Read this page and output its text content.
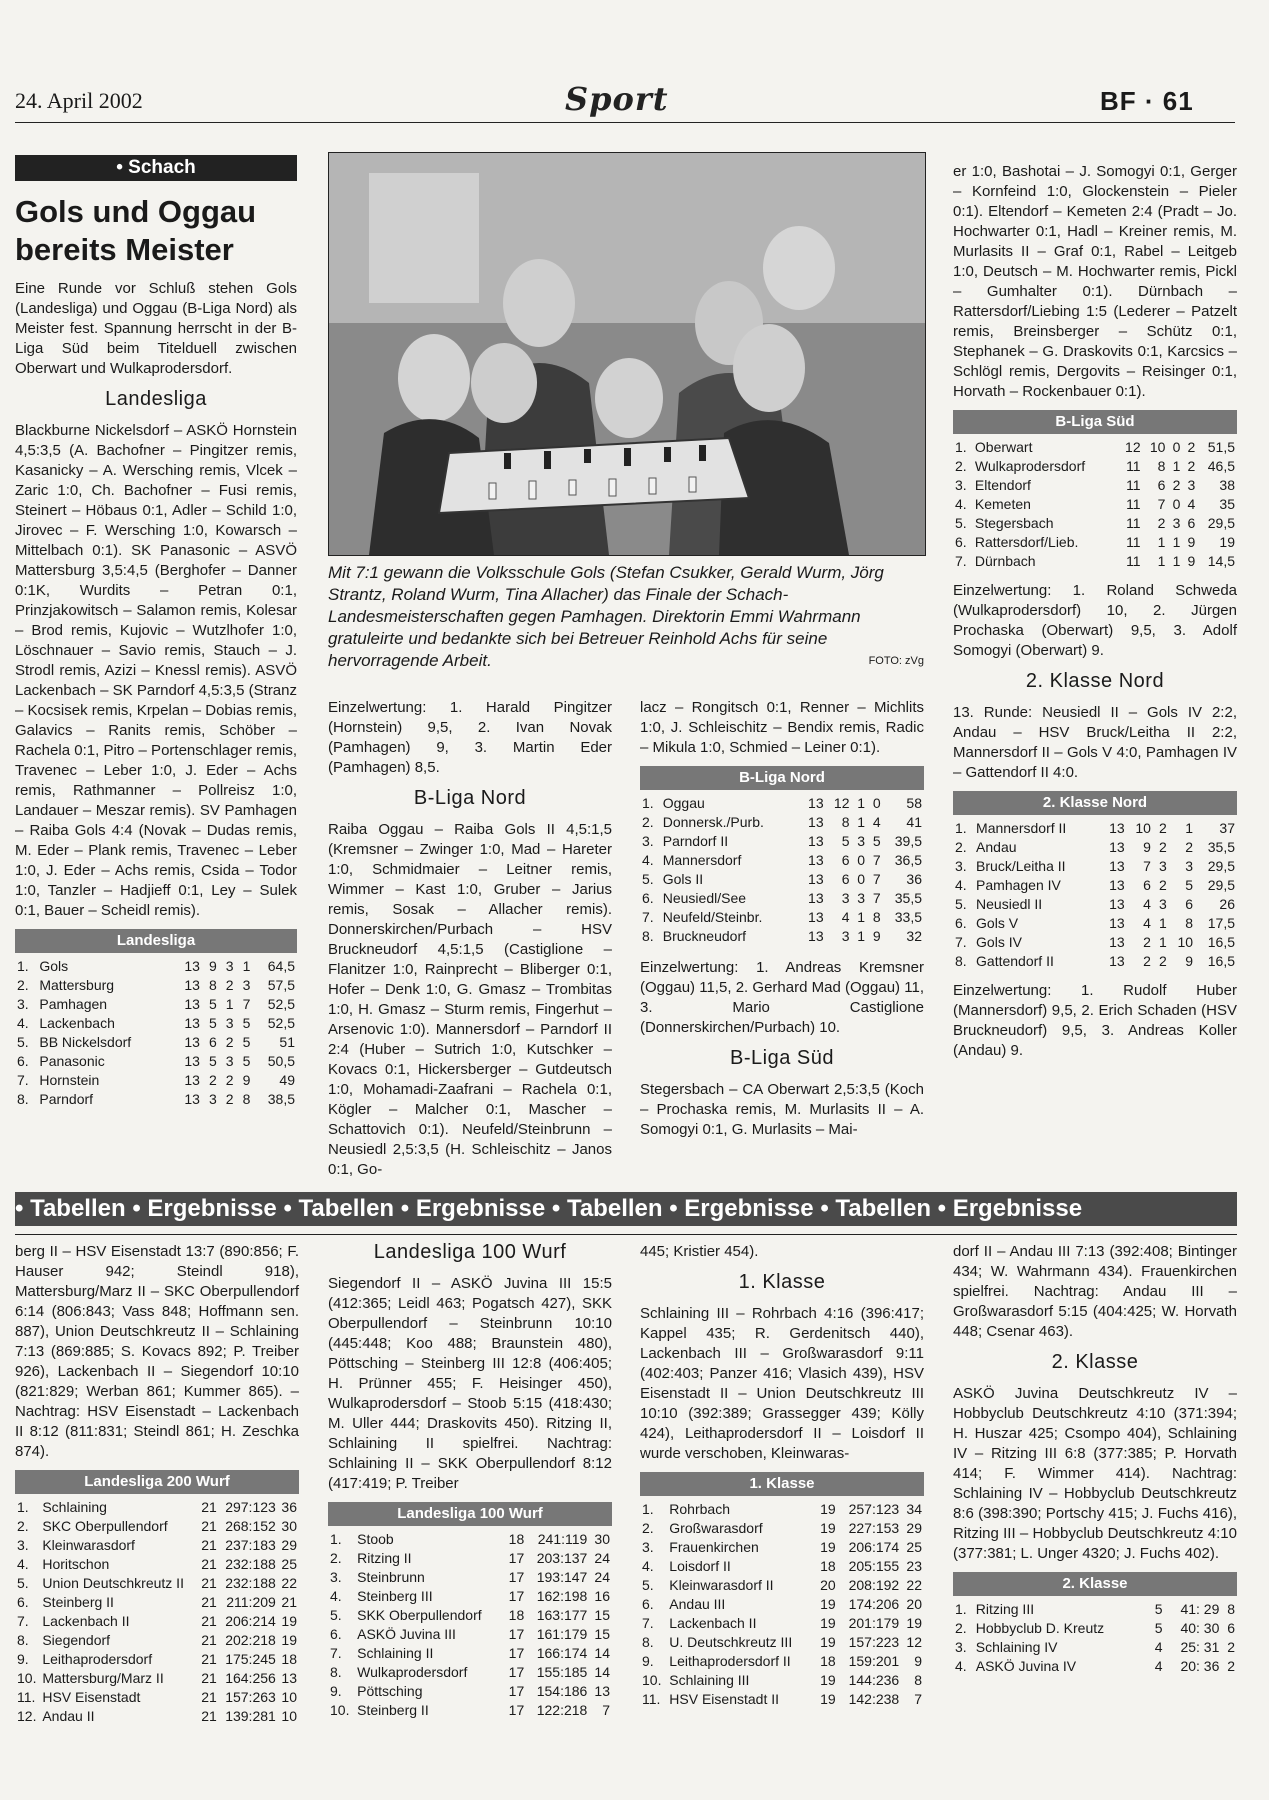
24. April 2002	Sport	BF · 61
• Schach
Gols und Oggau bereits Meister

Eine Runde vor Schluß stehen Gols (Landesliga) und Oggau (B-Liga Nord) als Meister fest. Spannung herrscht in der B-Liga Süd beim Titelduell zwischen Oberwart und Wulkaprodersdorf.

Landesliga

Blackburne Nickelsdorf – ASKÖ Hornstein 4,5:3,5 (A. Bachofner – Pingitzer remis, Kasanicky – A. Wersching remis, Vlcek – Zaric 1:0, Ch. Bachofner – Fusi remis, Steinert – Höbaus 0:1, Adler – Schild 1:0, Jirovec – F. Wersching 1:0, Kowarsch – Mittelbach 0:1). SK Panasonic – ASVÖ Mattersburg 3,5:4,5 (Berghofer – Danner 0:1K, Wurdits – Petran 0:1, Prinzjakowitsch – Salamon remis, Kolesar – Brod remis, Kujovic – Wutzlhofer 1:0, Löschnauer – Savio remis, Stauch – J. Strodl remis, Azizi – Knessl remis). ASVÖ Lackenbach – SK Parndorf 4,5:3,5 (Stranz – Kocsisek remis, Krpelan – Dobias remis, Galavics – Ranits remis, Schöber – Rachela 0:1, Pitro – Portenschlager remis, Travenec – Leber 1:0, J. Eder – Achs remis, Rathmanner – Pollreisz 1:0, Landauer – Meszar remis). SV Pamhagen – Raiba Gols 4:4 (Novak – Dudas remis, M. Eder – Plank remis, Travenec – Leber 1:0, J. Eder – Achs remis, Csida – Todor 1:0, Tanzler – Hadjieff 0:1, Ley – Sulek 0:1, Bauer – Scheidl remis).

Landesliga
1.	Gols	13	9	3	1	64,5
2.	Mattersburg	13	8	2	3	57,5
3.	Pamhagen	13	5	1	7	52,5
4.	Lackenbach	13	5	3	5	52,5
5.	BB Nickelsdorf	13	6	2	5	51
6.	Panasonic	13	5	3	5	50,5
7.	Hornstein	13	2	2	9	49
8.	Parndorf	13	3	2	8	38,5
Mit 7:1 gewann die Volksschule Gols (Stefan Csukker, Gerald Wurm, Jörg Strantz, Roland Wurm, Tina Allacher) das Finale der Schach-Landesmeisterschaften gegen Pamhagen. Direktorin Emmi Wahrmann gratuleirte und bedankte sich bei Betreuer Reinhold Achs für seine hervorragende Arbeit.	FOTO: zVg

Einzelwertung: 1. Harald Pingitzer (Hornstein) 9,5, 2. Ivan Novak (Pamhagen) 9, 3. Martin Eder (Pamhagen) 8,5.

B-Liga Nord

Raiba Oggau – Raiba Gols II 4,5:1,5 (Kremsner – Zwinger 1:0, Mad – Hareter 1:0, Schmidmaier – Leitner remis, Wimmer – Kast 1:0, Gruber – Jarius remis, Sosak – Allacher remis). Donnerskirchen/Purbach – HSV Bruckneudorf 4,5:1,5 (Castiglione – Flanitzer 1:0, Rainprecht – Bliberger 0:1, Hofer – Denk 1:0, G. Gmasz – Trombitas 1:0, H. Gmasz – Sturm remis, Fingerhut – Arsenovic 1:0). Mannersdorf – Parndorf II 2:4 (Huber – Sutrich 1:0, Kutschker – Kovacs 0:1, Hickersberger – Gutdeutsch 1:0, Mohamadi-Zaafrani – Rachela 0:1, Kögler – Malcher 0:1, Mascher – Schattovich 0:1). Neufeld/Steinbrunn – Neusiedl 2,5:3,5 (H. Schleischitz – Janos 0:1, Go-

lacz – Rongitsch 0:1, Renner – Michlits 1:0, J. Schleischitz – Bendix remis, Radic – Mikula 1:0, Schmied – Leiner 0:1).

B-Liga Nord
1.	Oggau	13	12	1	0	58
2.	Donnersk./Purb.	13	8	1	4	41
3.	Parndorf II	13	5	3	5	39,5
4.	Mannersdorf	13	6	0	7	36,5
5.	Gols II	13	6	0	7	36
6.	Neusiedl/See	13	3	3	7	35,5
7.	Neufeld/Steinbr.	13	4	1	8	33,5
8.	Bruckneudorf	13	3	1	9	32

Einzelwertung: 1. Andreas Kremsner (Oggau) 11,5, 2. Gerhard Mad (Oggau) 11, 3. Mario Castiglione (Donnerskirchen/Purbach) 10.

B-Liga Süd

Stegersbach – CA Oberwart 2,5:3,5 (Koch – Prochaska remis, M. Murlasits II – A. Somogyi 0:1, G. Murlasits – Mai-

er 1:0, Bashotai – J. Somogyi 0:1, Gerger – Kornfeind 1:0, Glockenstein – Pieler 0:1). Eltendorf – Kemeten 2:4 (Pradt – Jo. Hochwarter 0:1, Hadl – Kreiner remis, M. Murlasits II – Graf 0:1, Rabel – Leitgeb 1:0, Deutsch – M. Hochwarter remis, Pickl – Gumhalter 0:1). Dürnbach – Rattersdorf/Liebing 1:5 (Lederer – Patzelt remis, Breinsberger – Schütz 0:1, Stephanek – G. Draskovits 0:1, Karcsics – Schlögl remis, Dergovits – Reisinger 0:1, Horvath – Rockenbauer 0:1).

B-Liga Süd
1.	Oberwart	12	10	0	2	51,5
2.	Wulkaprodersdorf	11	8	1	2	46,5
3.	Eltendorf	11	6	2	3	38
4.	Kemeten	11	7	0	4	35
5.	Stegersbach	11	2	3	6	29,5
6.	Rattersdorf/Lieb.	11	1	1	9	19
7.	Dürnbach	11	1	1	9	14,5

Einzelwertung: 1. Roland Schweda (Wulkaprodersdorf) 10, 2. Jürgen Prochaska (Oberwart) 9,5, 3. Adolf Somogyi (Oberwart) 9.

2. Klasse Nord

13. Runde: Neusiedl II – Gols IV 2:2, Andau – HSV Bruck/Leitha II 2:2, Mannersdorf II – Gols V 4:0, Pamhagen IV – Gattendorf II 4:0.

2. Klasse Nord
1.	Mannersdorf II	13	10	2	1	37
2.	Andau	13	9	2	2	35,5
3.	Bruck/Leitha II	13	7	3	3	29,5
4.	Pamhagen IV	13	6	2	5	29,5
5.	Neusiedl II	13	4	3	6	26
6.	Gols V	13	4	1	8	17,5
7.	Gols IV	13	2	1	10	16,5
8.	Gattendorf II	13	2	2	9	16,5

Einzelwertung: 1. Rudolf Huber (Mannersdorf) 9,5, 2. Erich Schaden (HSV Bruckneudorf) 9,5, 3. Andreas Koller (Andau) 9.

• Tabellen • Ergebnisse • Tabellen • Ergebnisse • Tabellen • Ergebnisse • Tabellen • Ergebnisse

berg II – HSV Eisenstadt 13:7 (890:856; F. Hauser 942; Steindl 918), Mattersburg/Marz II – SKC Oberpullendorf 6:14 (806:843; Vass 848; Hoffmann sen. 887), Union Deutschkreutz II – Schlaining 7:13 (869:885; S. Kovacs 892; P. Treiber 926), Lackenbach II – Siegendorf 10:10 (821:829; Werban 861; Kummer 865). – Nachtrag: HSV Eisenstadt – Lackenbach II 8:12 (811:831; Steindl 861; H. Zeschka 874).

Landesliga 200 Wurf
1.	Schlaining	21	297:123	36
2.	SKC Oberpullendorf	21	268:152	30
3.	Kleinwarasdorf	21	237:183	29
4.	Horitschon	21	232:188	25
5.	Union Deutschkreutz II	21	232:188	22
6.	Steinberg II	21	211:209	21
7.	Lackenbach II	21	206:214	19
8.	Siegendorf	21	202:218	19
9.	Leithaprodersdorf	21	175:245	18
10.	Mattersburg/Marz II	21	164:256	13
11.	HSV Eisenstadt	21	157:263	10
12.	Andau II	21	139:281	10
Landesliga 100 Wurf

Siegendorf II – ASKÖ Juvina III 15:5 (412:365; Leidl 463; Pogatsch 427), SKK Oberpullendorf – Steinbrunn 10:10 (445:448; Koo 488; Braunstein 480), Pöttsching – Steinberg III 12:8 (406:405; H. Prünner 455; F. Heisinger 450), Wulkaprodersdorf – Stoob 5:15 (418:430; M. Uller 444; Draskovits 450). Ritzing II, Schlaining II spielfrei. Nachtrag: Schlaining II – SKK Oberpullendorf 8:12 (417:419; P. Treiber

Landesliga 100 Wurf
1.	Stoob	18	241:119	30
2.	Ritzing II	17	203:137	24
3.	Steinbrunn	17	193:147	24
4.	Steinberg III	17	162:198	16
5.	SKK Oberpullendorf	18	163:177	15
6.	ASKÖ Juvina III	17	161:179	15
7.	Schlaining II	17	166:174	14
8.	Wulkaprodersdorf	17	155:185	14
9.	Pöttsching	17	154:186	13
10.	Steinberg II	17	122:218	7

445; Kristier 454).

1. Klasse

Schlaining III – Rohrbach 4:16 (396:417; Kappel 435; R. Gerdenitsch 440), Lackenbach III – Großwarasdorf 9:11 (402:403; Panzer 416; Vlasich 439), HSV Eisenstadt II – Union Deutschkreutz III 10:10 (392:389; Grassegger 439; Kölly 424), Leithaprodersdorf II – Loisdorf II wurde verschoben, Kleinwaras-

1. Klasse
1.	Rohrbach	19	257:123	34
2.	Großwarasdorf	19	227:153	29
3.	Frauenkirchen	19	206:174	25
4.	Loisdorf II	18	205:155	23
5.	Kleinwarasdorf II	20	208:192	22
6.	Andau III	19	174:206	20
7.	Lackenbach II	19	201:179	19
8.	U. Deutschkreutz III	19	157:223	12
9.	Leithaprodersdorf II	18	159:201	9
10.	Schlaining III	19	144:236	8
11.	HSV Eisenstadt II	19	142:238	7

dorf II – Andau III 7:13 (392:408; Bintinger 434; W. Wahrmann 434). Frauenkirchen spielfrei. Nachtrag: Andau III – Großwarasdorf 5:15 (404:425; W. Horvath 448; Csenar 463).

2. Klasse

ASKÖ Juvina Deutschkreutz IV – Hobbyclub Deutschkreutz 4:10 (371:394; H. Huszar 425; Csompo 404), Schlaining IV – Ritzing III 6:8 (377:385; P. Horvath 414; F. Wimmer 414). Nachtrag: Schlaining IV – Hobbyclub Deutschkreutz 8:6 (398:390; Portschy 415; J. Fuchs 416), Ritzing III – Hobbyclub Deutschkreutz 4:10 (377:381; L. Unger 4320; J. Fuchs 402).

2. Klasse
1.	Ritzing III	5	41: 29	8
2.	Hobbyclub D. Kreutz	5	40: 30	6
3.	Schlaining IV	4	25: 31	2
4.	ASKÖ Juvina IV	4	20: 36	2
